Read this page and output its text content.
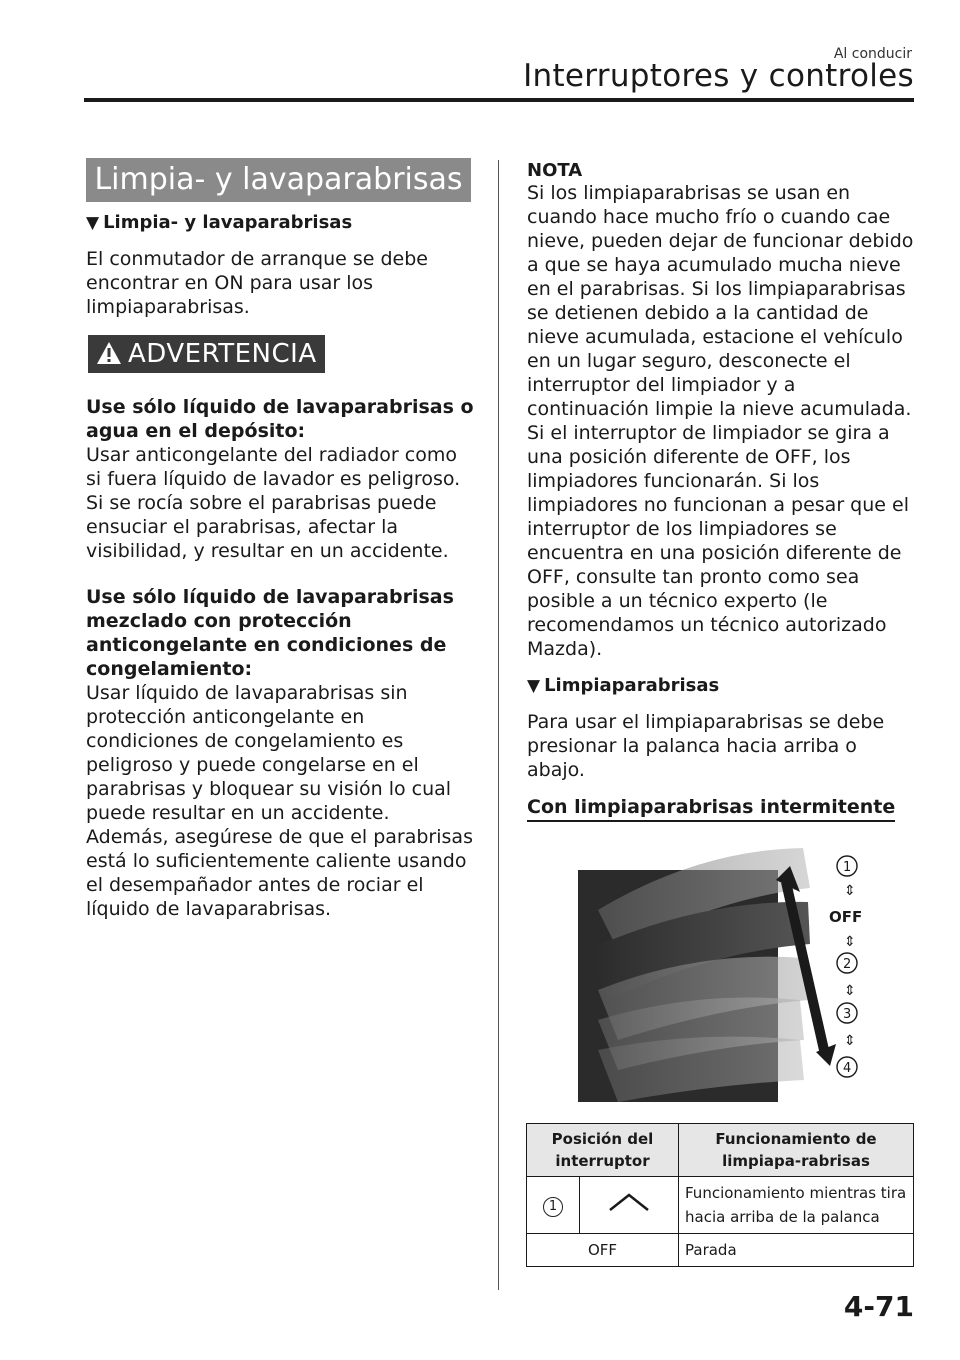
Al conducir
Interruptores y controles
Limpia- y lavaparabrisas
▼ Limpia- y lavaparabrisas

El conmutador de arranque se debe encontrar en ON para usar los limpiaparabrisas.

ADVERTENCIA

Use sólo líquido de lavaparabrisas o agua en el depósito:

Usar anticongelante del radiador como si fuera líquido de lavador es peligroso. Si se rocía sobre el parabrisas puede ensuciar el parabrisas, afectar la visibilidad, y resultar en un accidente.

Use sólo líquido de lavaparabrisas mezclado con protección anticongelante en condiciones de congelamiento:

Usar líquido de lavaparabrisas sin protección anticongelante en condiciones de congelamiento es peligroso y puede congelarse en el parabrisas y bloquear su visión lo cual puede resultar en un accidente. Además, asegúrese de que el parabrisas está lo suficientemente caliente usando el desempañador antes de rociar el líquido de lavaparabrisas.

NOTA

Si los limpiaparabrisas se usan en cuando hace mucho frío o cuando cae nieve, pueden dejar de funcionar debido a que se haya acumulado mucha nieve en el parabrisas. Si los limpiaparabrisas se detienen debido a la cantidad de nieve acumulada, estacione el vehículo en un lugar seguro, desconecte el interruptor del limpiador y a continuación limpie la nieve acumulada. Si el interruptor de limpiador se gira a una posición diferente de OFF, los limpiadores funcionarán. Si los limpiadores no funcionan a pesar que el interruptor de los limpiadores se encuentra en una posición diferente de OFF, consulte tan pronto como sea posible a un técnico experto (le recomendamos un técnico autorizado Mazda).

▼ Limpiaparabrisas

Para usar el limpiaparabrisas se debe presionar la palanca hacia arriba o abajo.

Con limpiaparabrisas intermitente
1
⇕
OFF
⇕
2
⇕
3
⇕
4
Posición del interruptor		Funcionamiento de limpiapa-rabrisas
1		Funcionamiento mientras tira hacia arriba de la palanca
OFF		Parada
4-71
